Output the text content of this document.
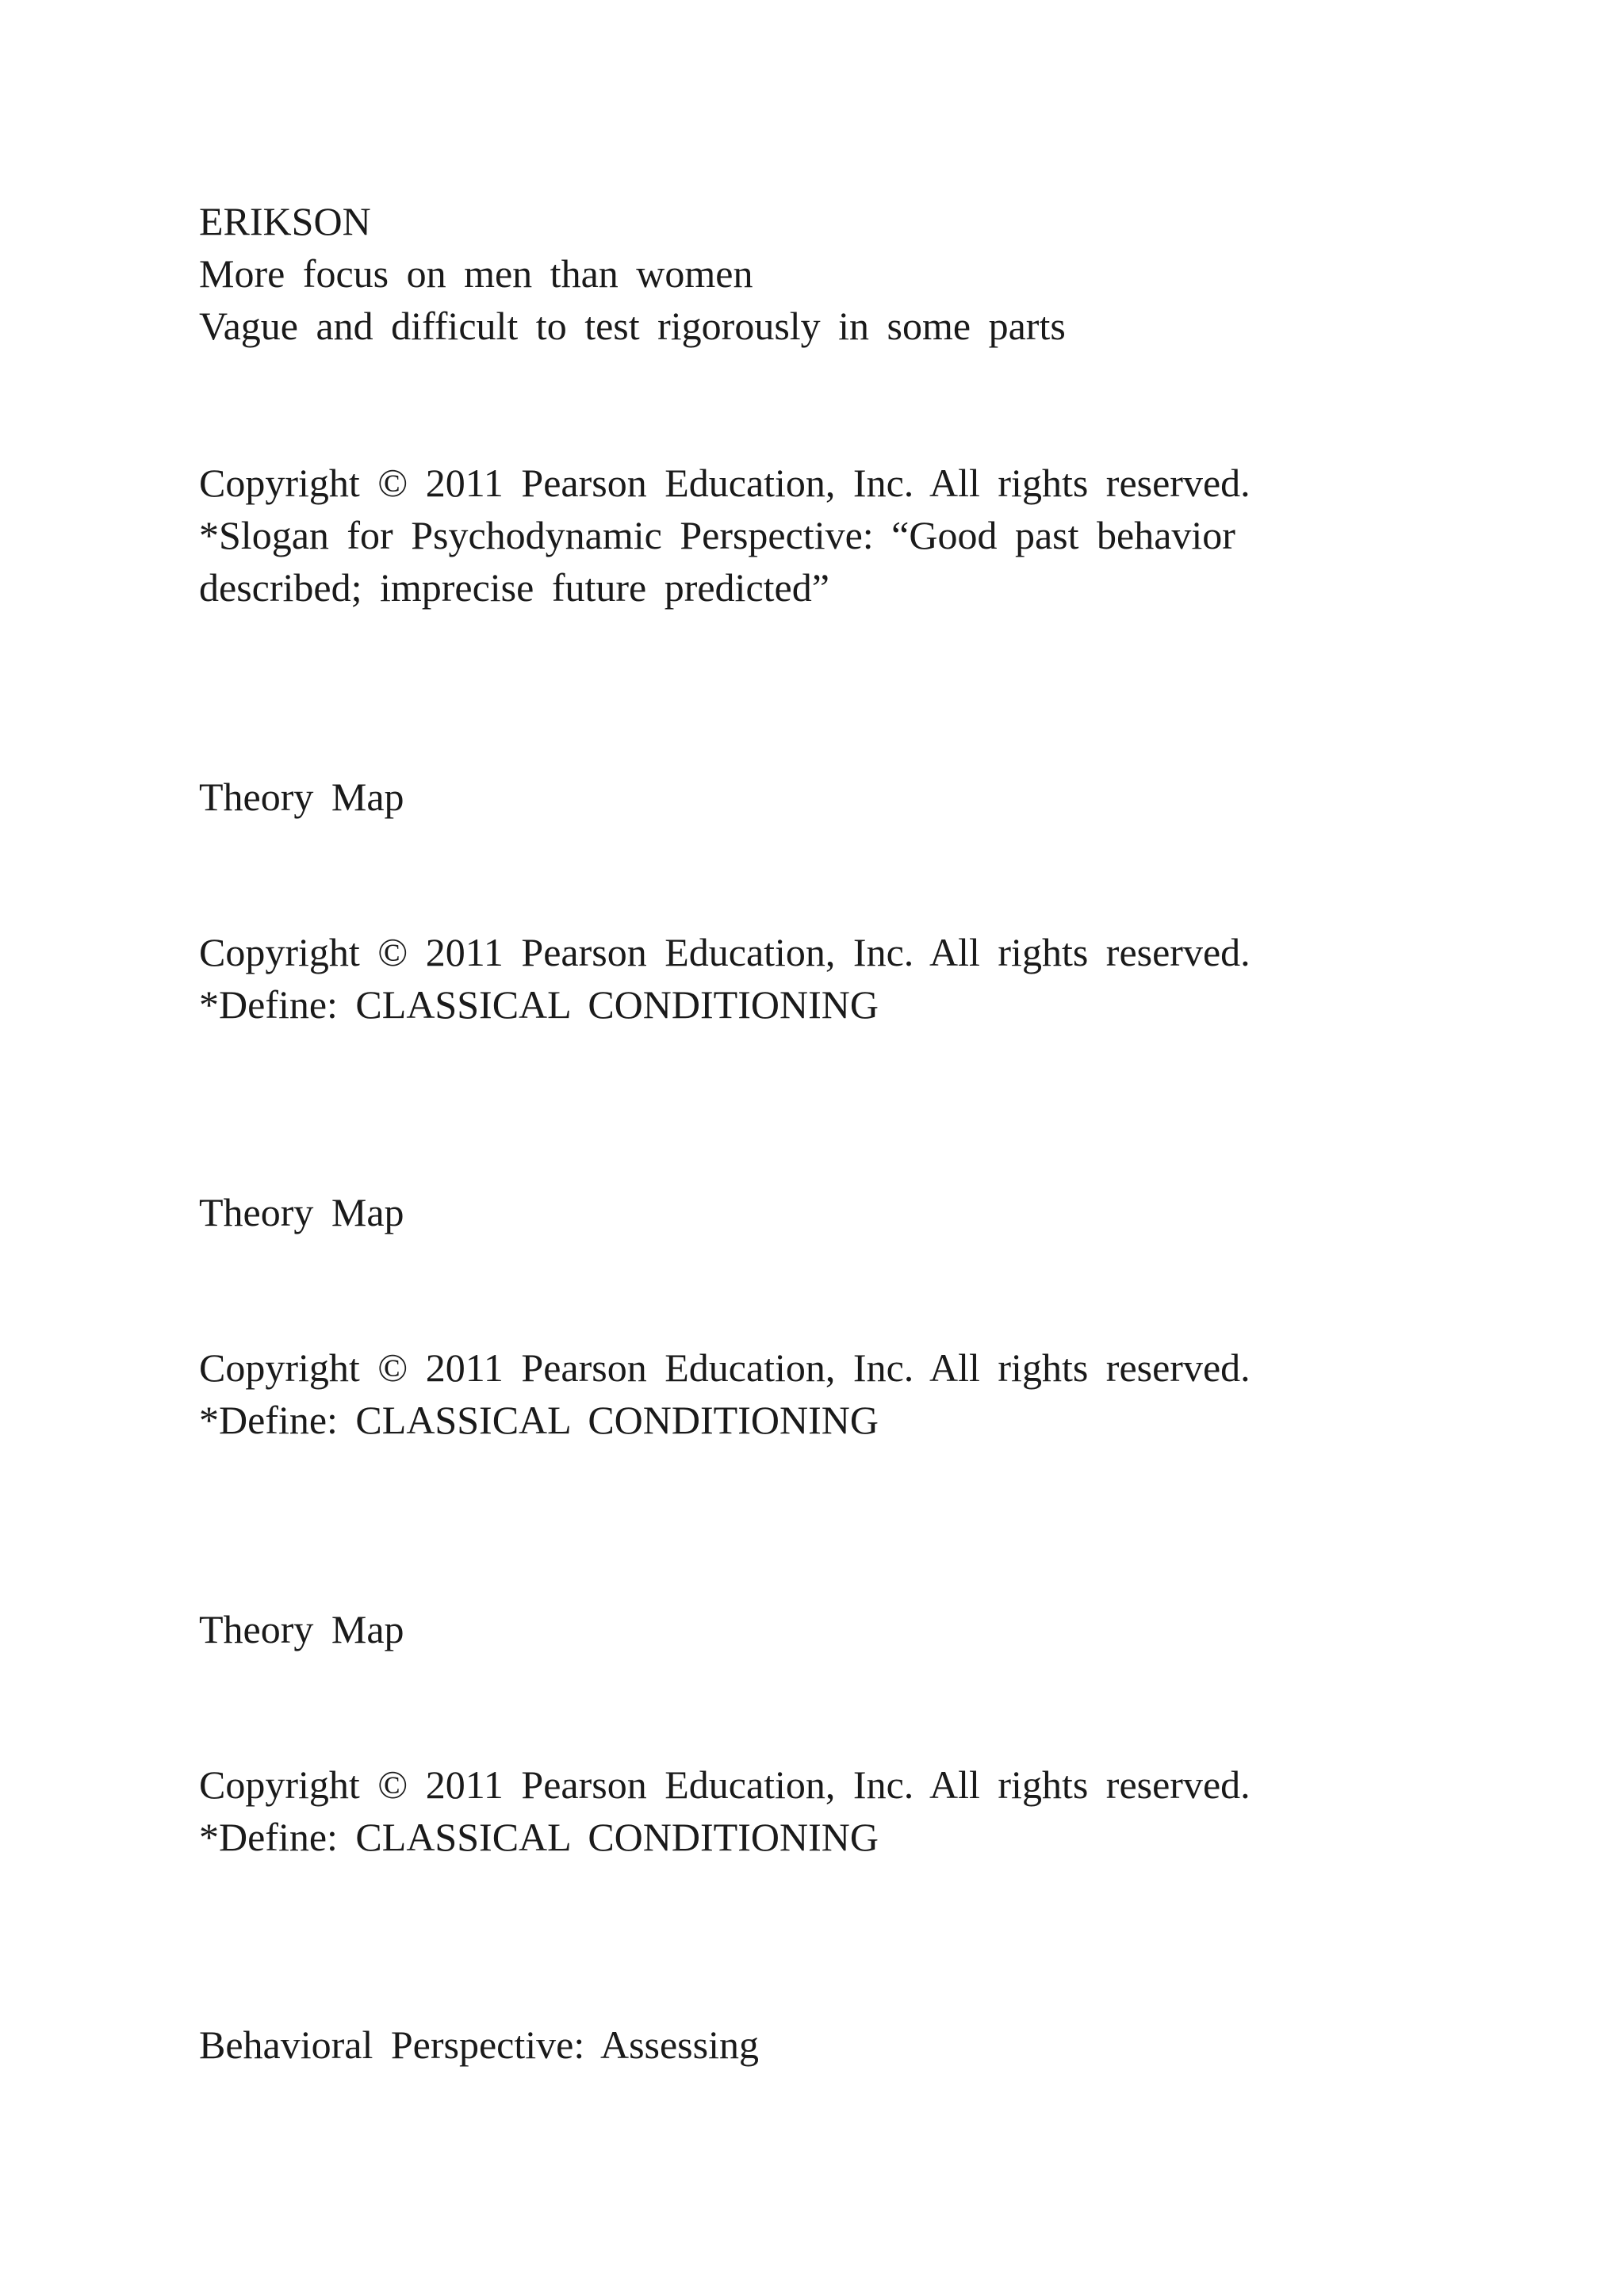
ERIKSON
More focus on men than women
Vague and difficult to test rigorously in some parts
Copyright © 2011 Pearson Education, Inc. All rights reserved.
*Slogan for Psychodynamic Perspective: “Good past behavior
described; imprecise future predicted”
Theory Map
Copyright © 2011 Pearson Education, Inc. All rights reserved.
*Define: CLASSICAL CONDITIONING
Theory Map
Copyright © 2011 Pearson Education, Inc. All rights reserved.
*Define: CLASSICAL CONDITIONING
Theory Map
Copyright © 2011 Pearson Education, Inc. All rights reserved.
*Define: CLASSICAL CONDITIONING
Behavioral Perspective: Assessing
